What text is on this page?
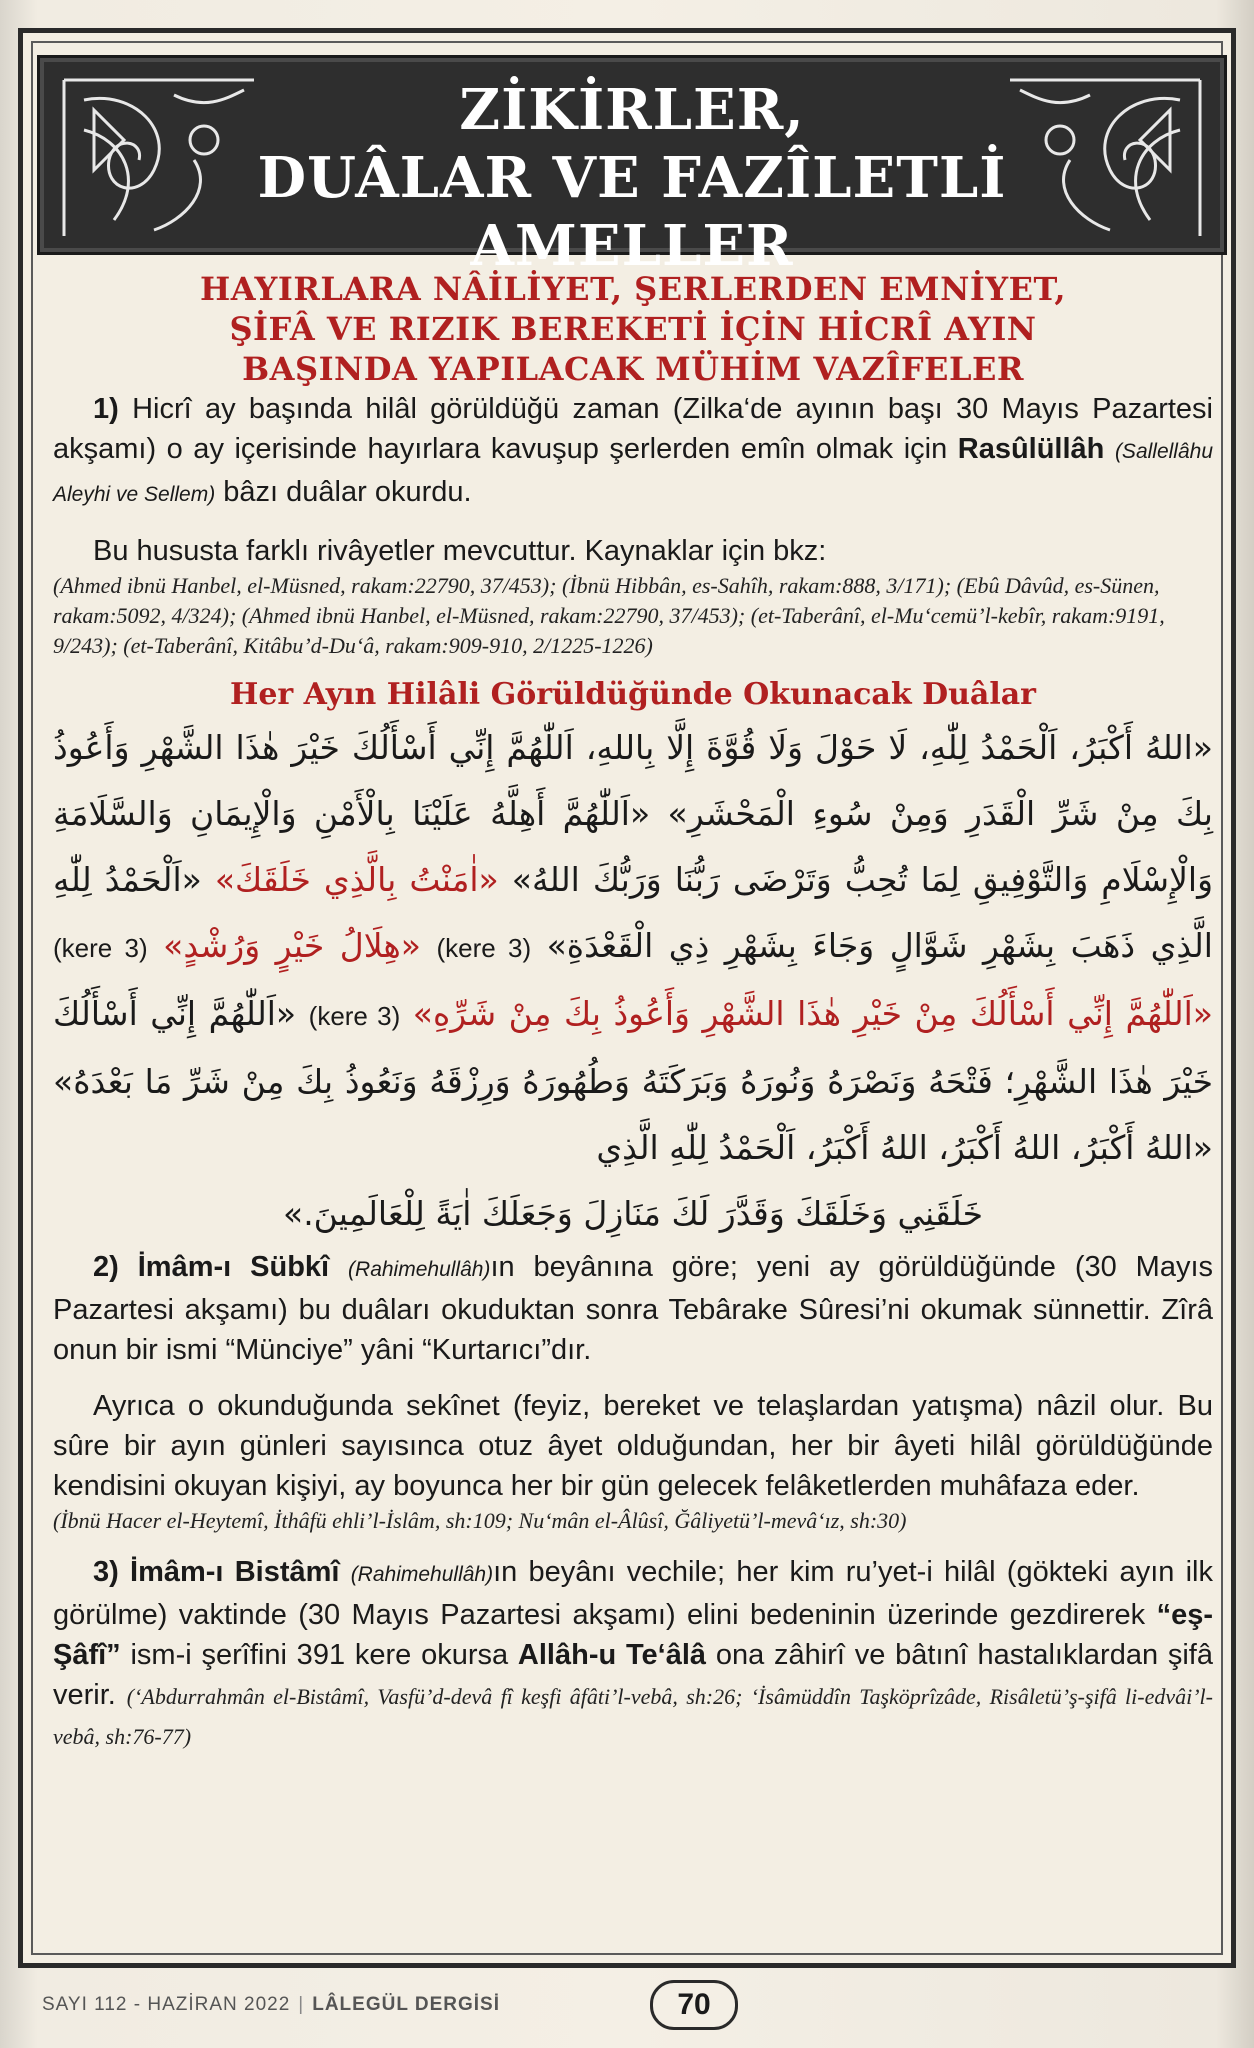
ZİKİRLER,
DUÂLAR VE FAZÎLETLİ AMELLER
HAYIRLARA NÂİLİYET, ŞERLERDEN EMNİYET,
ŞİFÂ VE RIZIK BEREKETİ İÇİN HİCRÎ AYIN
BAŞINDA YAPILACAK MÜHİM VAZÎFELER

1) Hicrî ay başında hilâl görüldüğü zaman (Zilka‘de ayının başı 30 Mayıs Pazartesi akşamı) o ay içerisinde hayırlara kavuşup şerlerden emîn olmak için Rasûlüllâh (Sallellâhu Aleyhi ve Sellem) bâzı duâlar okurdu.

Bu hususta farklı rivâyetler mevcuttur. Kaynaklar için bkz:

(Ahmed ibnü Hanbel, el-Müsned, rakam:22790, 37/453); (İbnü Hibbân, es-Sahîh, rakam:888, 3/171); (Ebû Dâvûd, es-Sünen, rakam:5092, 4/324); (Ahmed ibnü Hanbel, el-Müsned, rakam:22790, 37/453); (et-Taberânî, el-Mu‘cemü’l-kebîr, rakam:9191, 9/243); (et-Taberânî, Kitâbu’d-Du‘â, rakam:909-910, 2/1225-1226)

Her Ayın Hilâli Görüldüğünde Okunacak Duâlar
«اللهُ أَكْبَرُ، اَلْحَمْدُ لِلّٰهِ، لَا حَوْلَ وَلَا قُوَّةَ إِلَّا بِاللهِ، اَللّٰهُمَّ إِنِّي أَسْأَلُكَ خَيْرَ هٰذَا الشَّهْرِ وَأَعُوذُ بِكَ مِنْ شَرِّ الْقَدَرِ وَمِنْ سُوءِ الْمَحْشَرِ» «اَللّٰهُمَّ أَهِلَّهُ عَلَيْنَا بِالْأَمْنِ وَالْإِيمَانِ وَالسَّلَامَةِ وَالْإِسْلَامِ وَالتَّوْفِيقِ لِمَا تُحِبُّ وَتَرْضَى رَبُّنَا وَرَبُّكَ اللهُ» «اٰمَنْتُ بِالَّذِي خَلَقَكَ» «اَلْحَمْدُ لِلّٰهِ الَّذِي ذَهَبَ بِشَهْرِ شَوَّالٍ وَجَاءَ بِشَهْرِ ذِي الْقَعْدَةِ» (3 kere) «هِلَالُ خَيْرٍ وَرُشْدٍ» (3 kere) «اَللّٰهُمَّ إِنِّي أَسْأَلُكَ مِنْ خَيْرِ هٰذَا الشَّهْرِ وَأَعُوذُ بِكَ مِنْ شَرِّهِ» (3 kere) «اَللّٰهُمَّ إِنِّي أَسْأَلُكَ خَيْرَ هٰذَا الشَّهْرِ؛ فَتْحَهُ وَنَصْرَهُ وَنُورَهُ وَبَرَكَتَهُ وَطُهُورَهُ وَرِزْقَهُ وَنَعُوذُ بِكَ مِنْ شَرِّ مَا بَعْدَهُ» «اللهُ أَكْبَرُ، اللهُ أَكْبَرُ، اللهُ أَكْبَرُ، اَلْحَمْدُ لِلّٰهِ الَّذِي
خَلَقَنِي وَخَلَقَكَ وَقَدَّرَ لَكَ مَنَازِلَ وَجَعَلَكَ اٰيَةً لِلْعَالَمِينَ.»

2) İmâm-ı Sübkî (Rahimehullâh)ın beyânına göre; yeni ay görüldüğünde (30 Mayıs Pazartesi akşamı) bu duâları okuduktan sonra Tebârake Sûresi’ni okumak sünnettir. Zîrâ onun bir ismi “Münciye” yâni “Kurtarıcı”dır.

Ayrıca o okunduğunda sekînet (feyiz, bereket ve telaşlardan yatışma) nâzil olur. Bu sûre bir ayın günleri sayısınca otuz âyet olduğundan, her bir âyeti hilâl görüldüğünde kendisini okuyan kişiyi, ay boyunca her bir gün gelecek felâketlerden muhâfaza eder.

(İbnü Hacer el-Heytemî, İthâfü ehli’l-İslâm, sh:109; Nu‘mân el-Âlûsî, Ğâliyetü’l-mevâ‘ız, sh:30)

3) İmâm-ı Bistâmî (Rahimehullâh)ın beyânı vechile; her kim ru’yet-i hilâl (gökteki ayın ilk görülme) vaktinde (30 Mayıs Pazartesi akşamı) elini bedeninin üzerinde gezdirerek “eş-Şâfî” ism-i şerîfini 391 kere okursa Allâh-u Te‘âlâ ona zâhirî ve bâtınî hastalıklardan şifâ verir. (‘Abdurrahmân el-Bistâmî, Vasfü’d-devâ fî keşfi âfâti’l-vebâ, sh:26; ‘İsâmüddîn Taşköprîzâde, Risâletü’ş-şifâ li-edvâi’l-vebâ, sh:76-77)

SAYI 112 - HAZİRAN 2022 | LÂLEGÜL DERGİSİ	70
